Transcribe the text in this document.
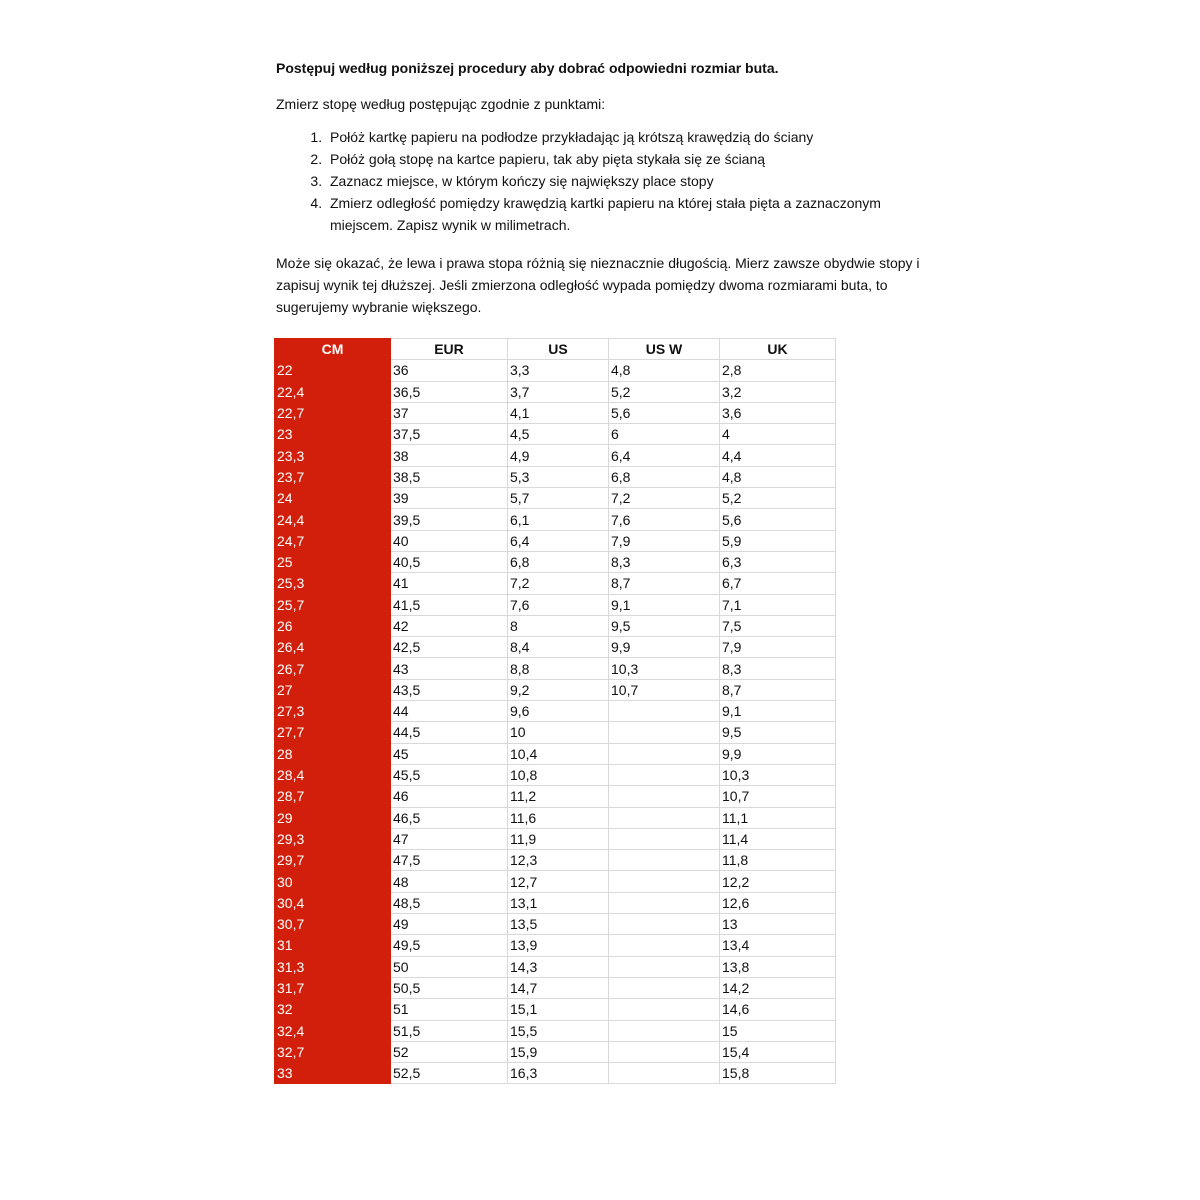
Postępuj według poniższej procedury aby dobrać odpowiedni rozmiar buta.

Zmierz stopę według postępując zgodnie z punktami:

1. Połóż kartkę papieru na podłodze przykładając ją krótszą krawędzią do ściany
2. Połóż gołą stopę na kartce papieru, tak aby pięta stykała się ze ścianą
3. Zaznacz miejsce, w którym kończy się największy place stopy
4. Zmierz odległość pomiędzy krawędzią kartki papieru na której stała pięta a zaznaczonym miejscem. Zapisz wynik w milimetrach.

Może się okazać, że lewa i prawa stopa różnią się nieznacznie długością. Mierz zawsze obydwie stopy i zapisuj wynik tej dłuższej. Jeśli zmierzona odległość wypada pomiędzy dwoma rozmiarami buta, to sugerujemy wybranie większego.

CM	EUR	US	US W	UK
22	36	3,3	4,8	2,8
22,4	36,5	3,7	5,2	3,2
22,7	37	4,1	5,6	3,6
23	37,5	4,5	6	4
23,3	38	4,9	6,4	4,4
23,7	38,5	5,3	6,8	4,8
24	39	5,7	7,2	5,2
24,4	39,5	6,1	7,6	5,6
24,7	40	6,4	7,9	5,9
25	40,5	6,8	8,3	6,3
25,3	41	7,2	8,7	6,7
25,7	41,5	7,6	9,1	7,1
26	42	8	9,5	7,5
26,4	42,5	8,4	9,9	7,9
26,7	43	8,8	10,3	8,3
27	43,5	9,2	10,7	8,7
27,3	44	9,6		9,1
27,7	44,5	10		9,5
28	45	10,4		9,9
28,4	45,5	10,8		10,3
28,7	46	11,2		10,7
29	46,5	11,6		11,1
29,3	47	11,9		11,4
29,7	47,5	12,3		11,8
30	48	12,7		12,2
30,4	48,5	13,1		12,6
30,7	49	13,5		13
31	49,5	13,9		13,4
31,3	50	14,3		13,8
31,7	50,5	14,7		14,2
32	51	15,1		14,6
32,4	51,5	15,5		15
32,7	52	15,9		15,4
33	52,5	16,3		15,8
